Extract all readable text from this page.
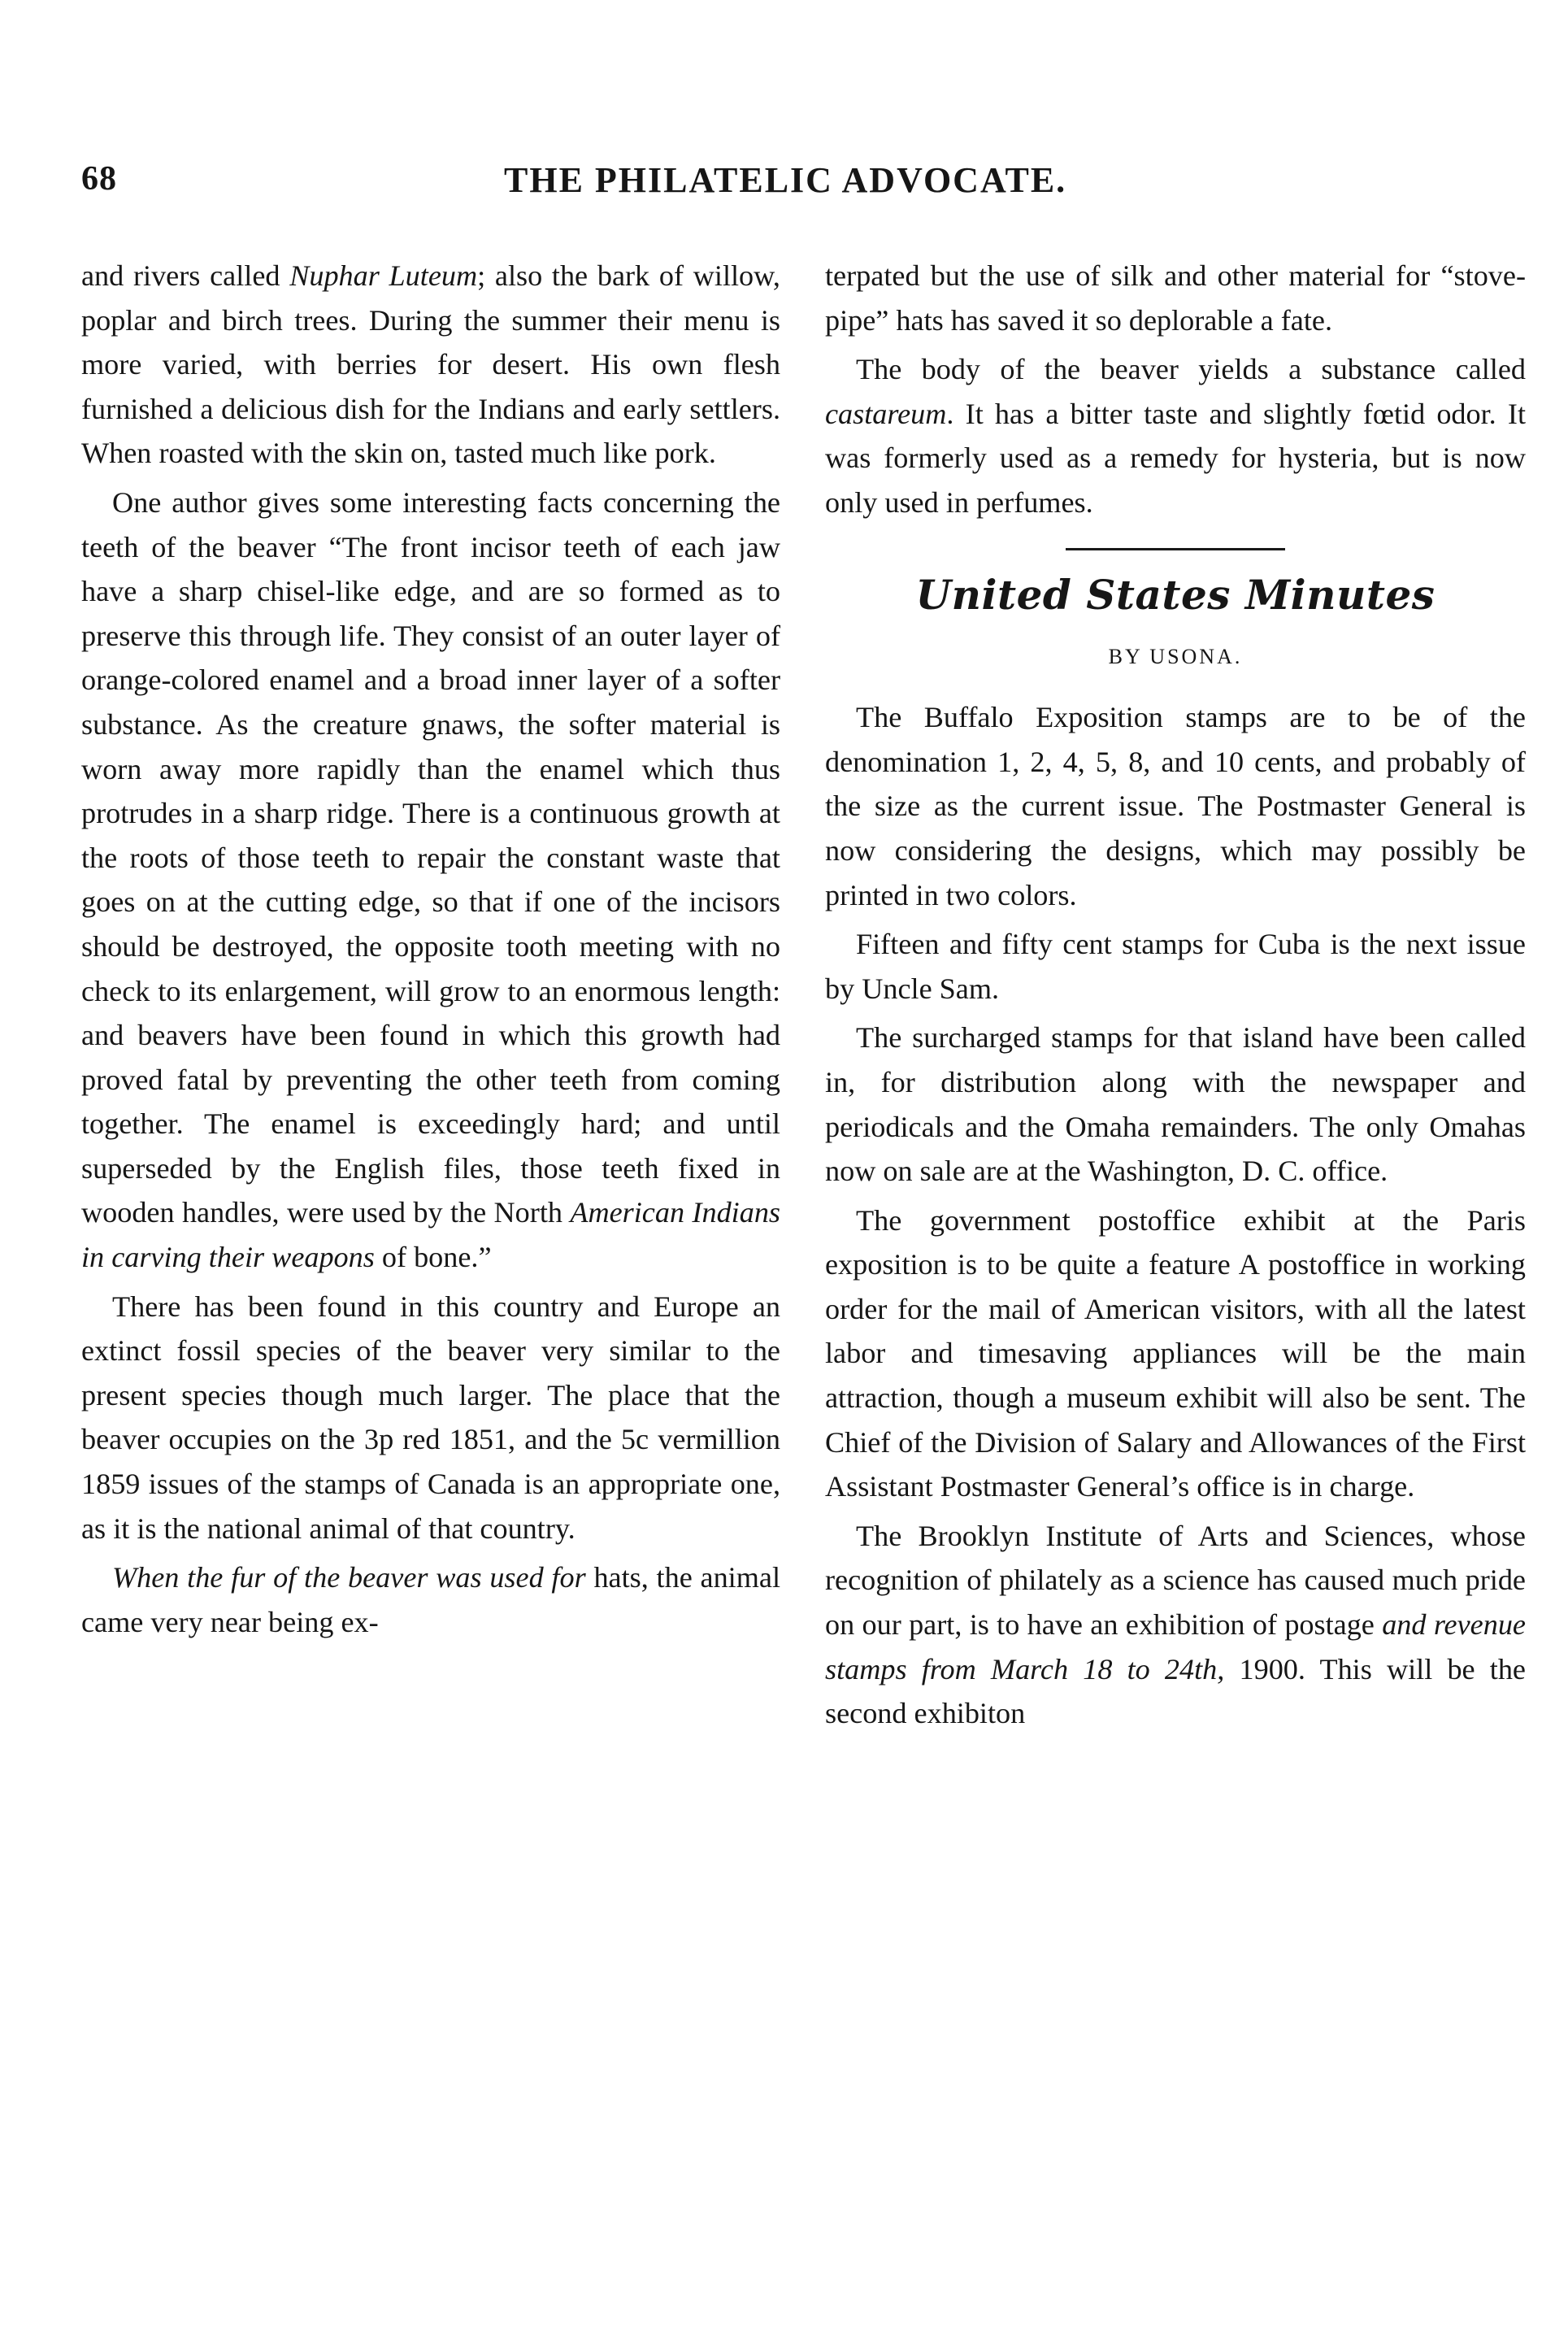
68	THE PHILATELIC ADVOCATE.

and rivers called Nuphar Luteum; also the bark of willow, poplar and birch trees. During the summer their menu is more varied, with berries for desert. His own flesh furnished a delicious dish for the Indians and early settlers. When roasted with the skin on, tasted much like pork.

One author gives some interesting facts concerning the teeth of the beaver “The front incisor teeth of each jaw have a sharp chisel-like edge, and are so formed as to preserve this through life. They consist of an outer layer of orange-colored enamel and a broad inner layer of a softer substance. As the creature gnaws, the softer material is worn away more rapidly than the enamel which thus protrudes in a sharp ridge. There is a continuous growth at the roots of those teeth to repair the constant waste that goes on at the cutting edge, so that if one of the incisors should be destroyed, the opposite tooth meeting with no check to its enlargement, will grow to an enormous length: and beavers have been found in which this growth had proved fatal by preventing the other teeth from coming together. The enamel is exceedingly hard; and until superseded by the English files, those teeth fixed in wooden handles, were used by the North American Indians in carving their weapons of bone.”

There has been found in this country and Europe an extinct fossil species of the beaver very similar to the present species though much larger. The place that the beaver occupies on the 3p red 1851, and the 5c vermillion 1859 issues of the stamps of Canada is an appropriate one, as it is the national animal of that country.

When the fur of the beaver was used for hats, the animal came very near being ex-

terpated but the use of silk and other material for “stove-pipe” hats has saved it so deplorable a fate.

The body of the beaver yields a substance called castareum. It has a bitter taste and slightly fœtid odor. It was formerly used as a remedy for hysteria, but is now only used in perfumes.

United States Minutes
BY USONA.

The Buffalo Exposition stamps are to be of the denomination 1, 2, 4, 5, 8, and 10 cents, and probably of the size as the current issue. The Postmaster General is now considering the designs, which may possibly be printed in two colors.

Fifteen and fifty cent stamps for Cuba is the next issue by Uncle Sam.

The surcharged stamps for that island have been called in, for distribution along with the newspaper and periodicals and the Omaha remainders. The only Omahas now on sale are at the Washington, D. C. office.

The government postoffice exhibit at the Paris exposition is to be quite a feature A postoffice in working order for the mail of American visitors, with all the latest labor and timesaving appliances will be the main attraction, though a museum exhibit will also be sent. The Chief of the Division of Salary and Allowances of the First Assistant Postmaster General’s office is in charge.

The Brooklyn Institute of Arts and Sciences, whose recognition of philately as a science has caused much pride on our part, is to have an exhibition of postage and revenue stamps from March 18 to 24th, 1900. This will be the second exhibiton
